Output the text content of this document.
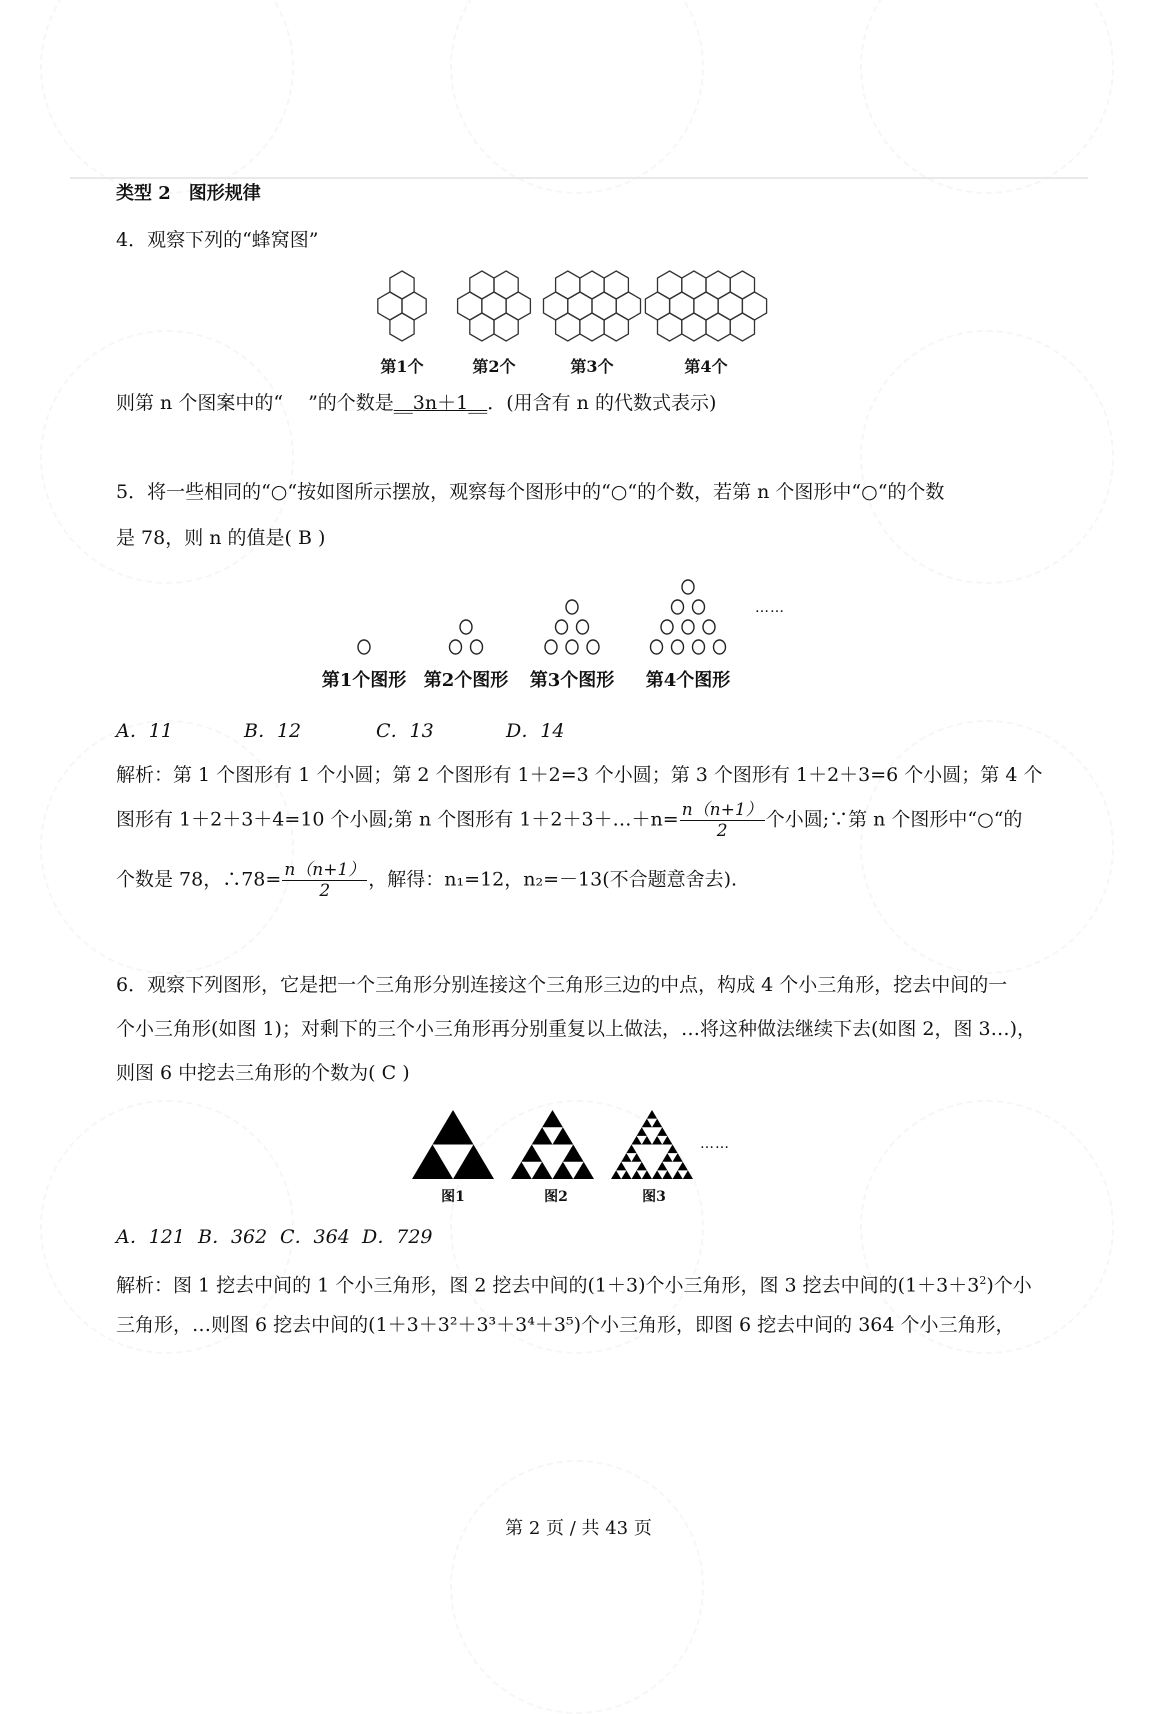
类型 2　图形规律
4．观察下列的“蜂窝图”
第1个	第2个	第3个	第4个
则第 n 个图案中的“　 ”的个数是__3n＋1__．(用含有 n 的代数式表示)
5．将一些相同的“○“按如图所示摆放，观察每个图形中的“○“的个数，若第 n 个图形中“○“的个数
是 78，则 n 的值是( B )
……
第1个图形 第2个图形 第3个图形 第4个图形
A．11	B．12	C．13	D．14
解析：第 1 个图形有 1 个小圆；第 2 个图形有 1＋2=3 个小圆；第 3 个图形有 1＋2＋3=6 个小圆；第 4 个
图形有 1＋2＋3＋4=10 个小圆;第 n 个图形有 1＋2＋3＋…＋n= $\frac{n(n+1)}{2}$ 个小圆;∵第 n 个图形中“○“的
个数是 78，∴78= $\frac{n(n+1)}{2}$ ，解得：n₁=12，n₂=－13(不合题意舍去).
6．观察下列图形，它是把一个三角形分别连接这个三角形三边的中点，构成 4 个小三角形，挖去中间的一
个小三角形(如图 1)；对剩下的三个小三角形再分别重复以上做法，…将这种做法继续下去(如图 2，图 3…)，
则图 6 中挖去三角形的个数为( C )
……
图1	图2	图3
A．121 B．362 C．364 D．729
解析：图 1 挖去中间的 1 个小三角形，图 2 挖去中间的(1＋3)个小三角形，图 3 挖去中间的$(1+3+3^2)$个小
三角形，…则图 6 挖去中间的(1＋3＋3²＋3³＋3⁴＋3⁵)个小三角形，即图 6 挖去中间的 364 个小三角形，
第 2 页 / 共 43 页
